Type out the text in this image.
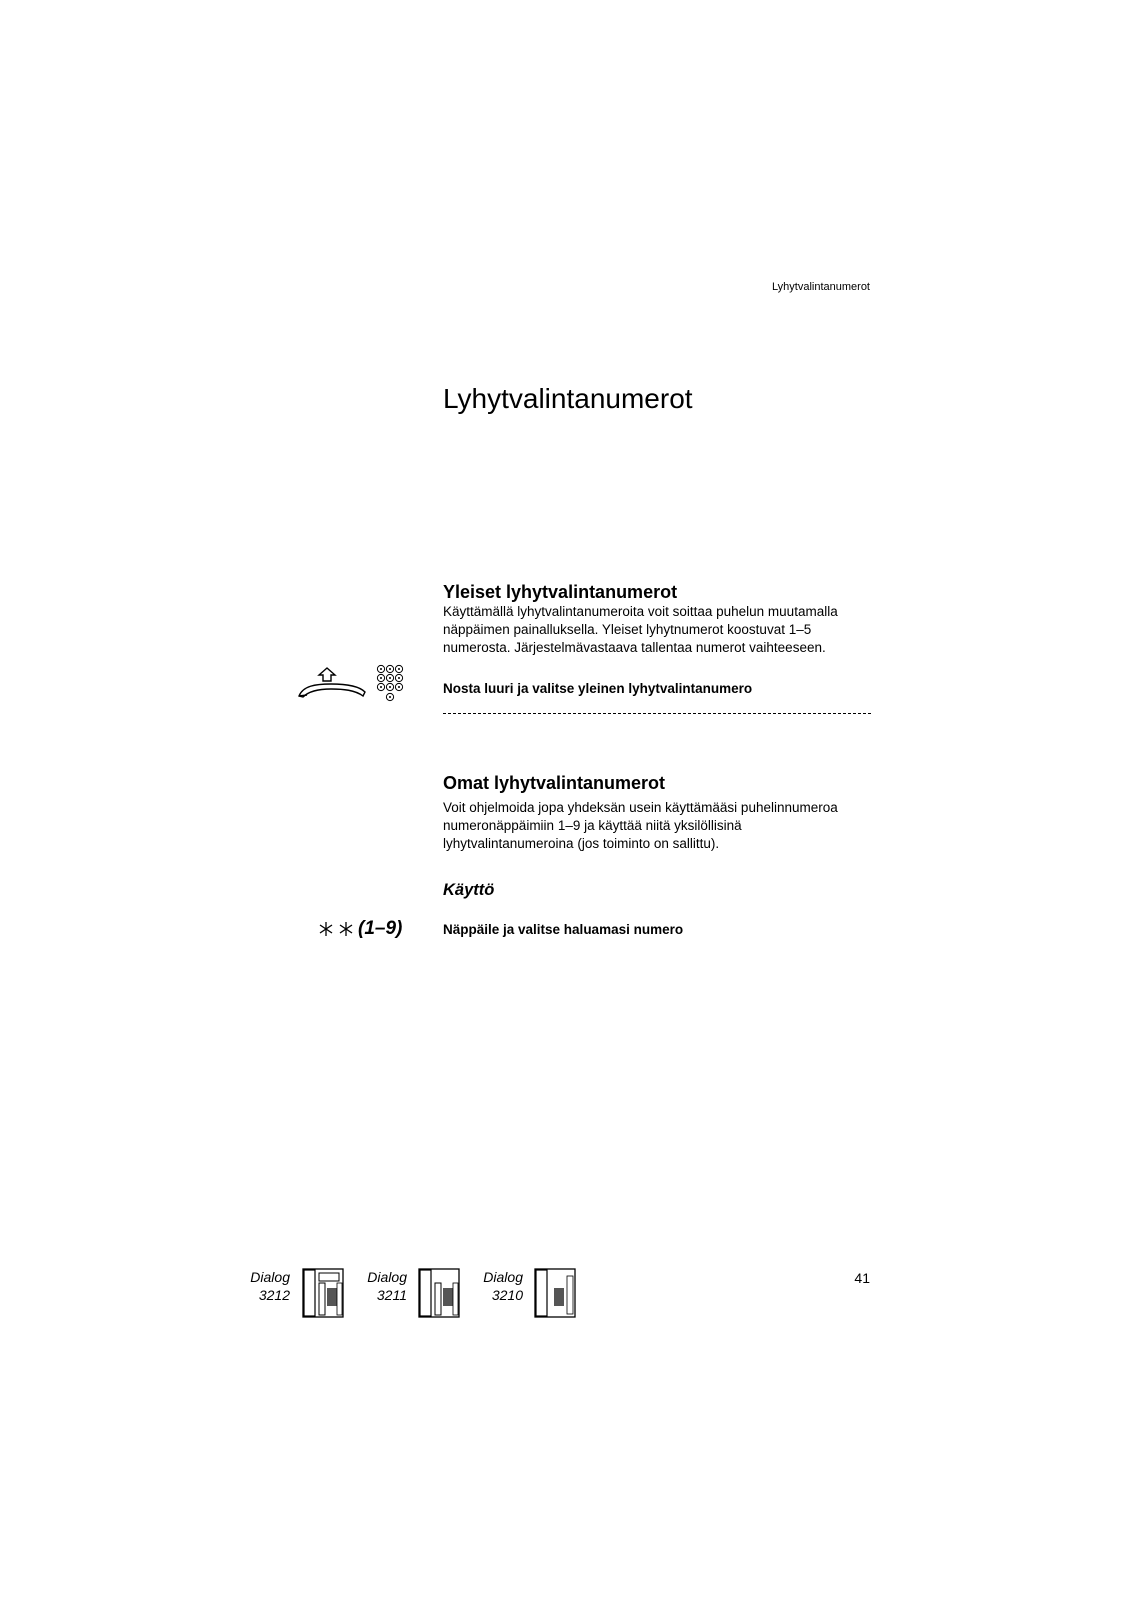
Lyhytvalintanumerot
Lyhytvalintanumerot
Yleiset lyhytvalintanumerot
Käyttämällä lyhytvalintanumeroita voit soittaa puhelun muutamalla
näppäimen painalluksella. Yleiset lyhytnumerot koostuvat 1–5
numerosta. Järjestelmävastaava tallentaa numerot vaihteeseen.
Nosta luuri ja valitse yleinen lyhytvalintanumero
Omat lyhytvalintanumerot
Voit ohjelmoida jopa yhdeksän usein käyttämääsi puhelinnumeroa
numeronäppäimiin 1–9 ja käyttää niitä yksilöllisinä
lyhytvalintanumeroina (jos toiminto on sallittu).
Käyttö
(1–9)	Näppäile ja valitse haluamasi numero
Dialog
3212
Dialog
3211
Dialog
3210
41
